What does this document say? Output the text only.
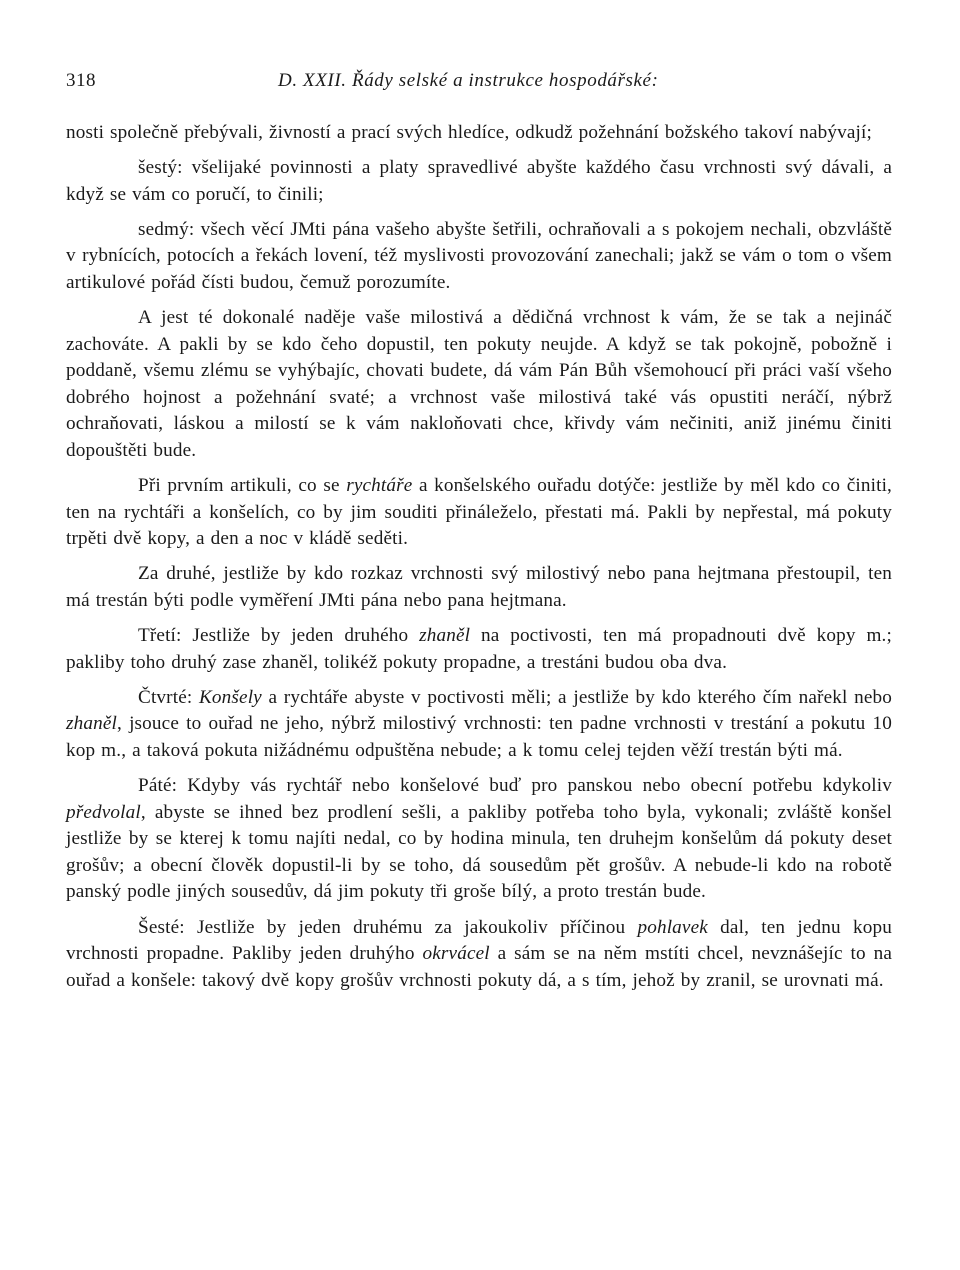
318	D. XXII. Řády selské a instrukce hospodářské:

nosti společně přebývali, živností a prací svých hledíce, odkudž požehnání božského takoví nabývají;

šestý: všelijaké povinnosti a platy spravedlivé abyšte každého času vrchnosti svý dávali, a když se vám co poručí, to činili;

sedmý: všech věcí JMti pána vašeho abyšte šetřili, ochraňovali a s pokojem nechali, obzvláště v rybnících, potocích a řekách lovení, též myslivosti provozování zanechali; jakž se vám o tom o všem artikulové pořád čísti budou, čemuž porozumíte.

A jest té dokonalé naděje vaše milostivá a dědičná vrchnost k vám, že se tak a nejináč zachováte. A pakli by se kdo čeho dopustil, ten pokuty neujde. A když se tak pokojně, pobožně i poddaně, všemu zlému se vyhýbajíc, chovati budete, dá vám Pán Bůh všemohoucí při práci vaší všeho dobrého hojnost a požehnání svaté; a vrchnost vaše milostivá také vás opustiti neráčí, nýbrž ochraňovati, láskou a milostí se k vám nakloňovati chce, křivdy vám nečiniti, aniž jinému činiti dopouštěti bude.

Při prvním artikuli, co se rychtáře a konšelského ouřadu dotýče: jestliže by měl kdo co činiti, ten na rychtáři a konšelích, co by jim souditi přináleželo, přestati má. Pakli by nepřestal, má pokuty trpěti dvě kopy, a den a noc v kládě seděti.

Za druhé, jestliže by kdo rozkaz vrchnosti svý milostivý nebo pana hejtmana přestoupil, ten má trestán býti podle vyměření JMti pána nebo pana hejtmana.

Třetí: Jestliže by jeden druhého zhaněl na poctivosti, ten má propadnouti dvě kopy m.; pakliby toho druhý zase zhaněl, tolikéž pokuty propadne, a trestáni budou oba dva.

Čtvrté: Konšely a rychtáře abyste v poctivosti měli; a jestliže by kdo kterého čím nařekl nebo zhaněl, jsouce to ouřad ne jeho, nýbrž milostivý vrchnosti: ten padne vrchnosti v trestání a pokutu 10 kop m., a taková pokuta nižádnému odpuštěna nebude; a k tomu celej tejden věží trestán býti má.

Páté: Kdyby vás rychtář nebo konšelové buď pro panskou nebo obecní potřebu kdykoliv předvolal, abyste se ihned bez prodlení sešli, a pakliby potřeba toho byla, vykonali; zvláště konšel jestliže by se kterej k tomu najíti nedal, co by hodina minula, ten druhejm konšelům dá pokuty deset grošův; a obecní člověk dopustil-li by se toho, dá sousedům pět grošův. A nebude-li kdo na robotě panský podle jiných sousedův, dá jim pokuty tři groše bílý, a proto trestán bude.

Šesté: Jestliže by jeden druhému za jakoukoliv příčinou pohlavek dal, ten jednu kopu vrchnosti propadne. Pakliby jeden druhýho okrvácel a sám se na něm mstíti chcel, nevznášejíc to na ouřad a konšele: takový dvě kopy grošův vrchnosti pokuty dá, a s tím, jehož by zranil, se urovnati má.
